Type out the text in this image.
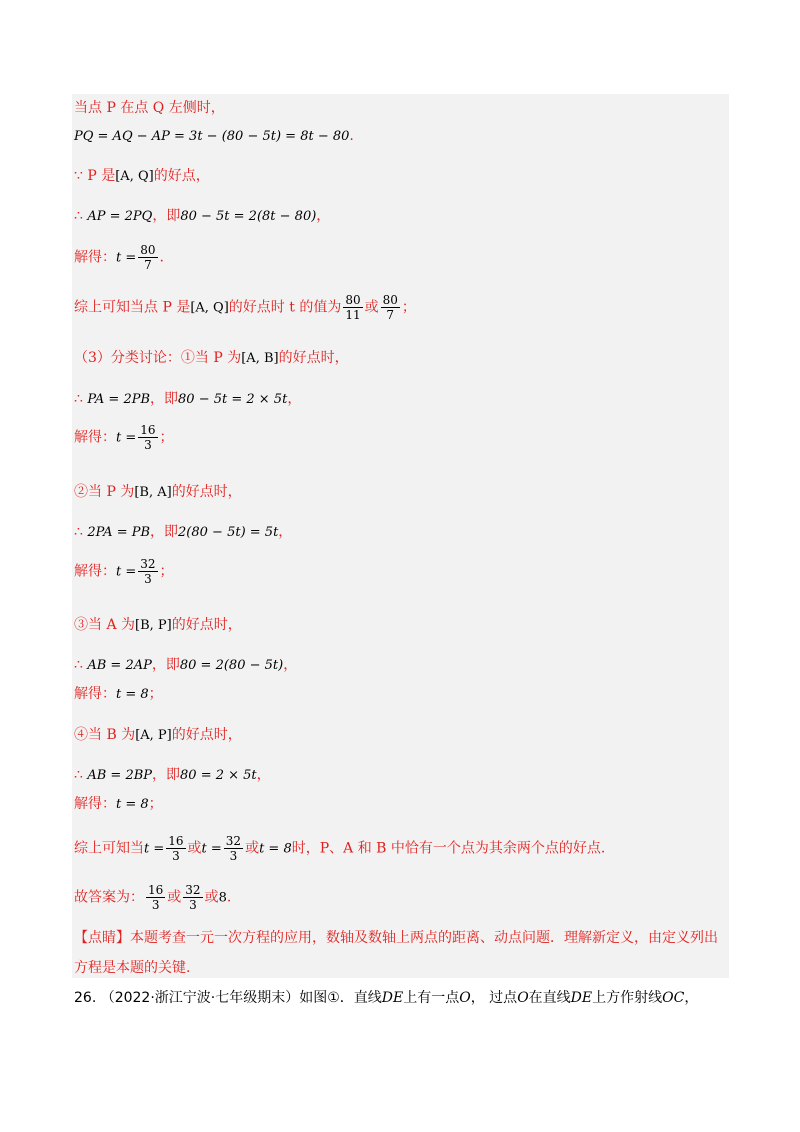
当点 P 在点 Q 左侧时，
PQ = AQ − AP = 3t − (80 − 5t) = 8t − 80.
∵ P 是[A, Q]的好点，
∴ AP = 2PQ，即80 − 5t = 2(8t − 80)，
解得：$t = \frac{80}{7}$ .
综上可知当点 P 是[A, Q]的好点时 t 的值为 $\frac{80}{11}$ 或 $\frac{80}{7}$ ；
（3）分类讨论：①当 P 为[A, B]的好点时，
∴ PA = 2PB，即80 − 5t = 2 × 5t，
解得：$t = \frac{16}{3}$ ；
②当 P 为[B, A]的好点时，
∴ 2PA = PB，即2(80 − 5t) = 5t，
解得：$t = \frac{32}{3}$ ；
③当 A 为[B, P]的好点时，
∴ AB = 2AP，即80 = 2(80 − 5t)，
解得：t = 8；
④当 B 为[A, P]的好点时，
∴ AB = 2BP，即80 = 2 × 5t，
解得：t = 8；
综上可知当$t = \frac{16}{3}$ 或$t = \frac{32}{3}$ 或t = 8时，P、A 和 B 中恰有一个点为其余两个点的好点.
故答案为： $\frac{16}{3}$ 或 $\frac{32}{3}$ 或8.
【点睛】本题考查一元一次方程的应用，数轴及数轴上两点的距离、动点问题．理解新定义，由定义列出
方程是本题的关键.
26. （2022·浙江宁波·七年级期末）如图①．直线DE上有一点O， 过点O在直线DE上方作射线OC，
